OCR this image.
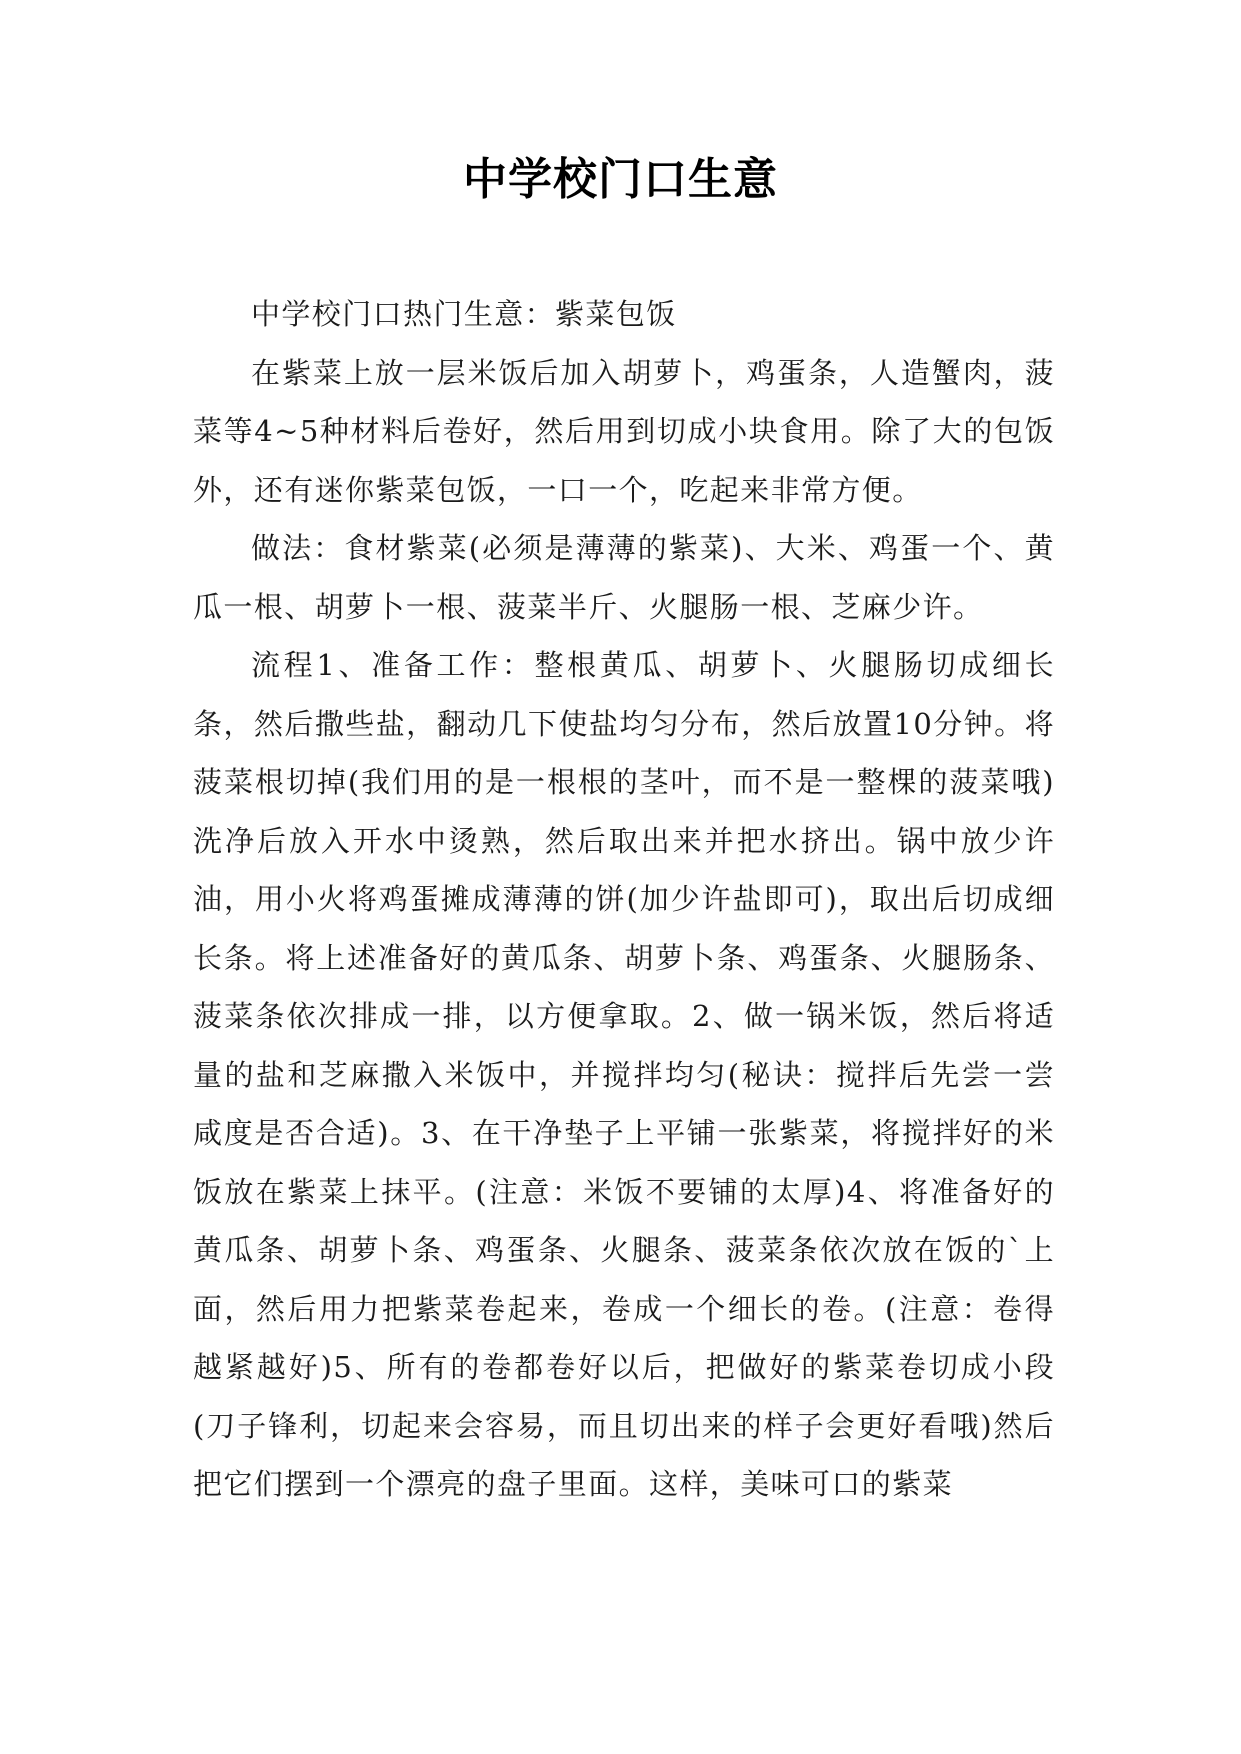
中学校门口生意

中学校门口热门生意：紫菜包饭

在紫菜上放一层米饭后加入胡萝卜，鸡蛋条，人造蟹肉，菠菜等4~5种材料后卷好，然后用到切成小块食用。除了大的包饭外，还有迷你紫菜包饭，一口一个，吃起来非常方便。

做法：食材紫菜(必须是薄薄的紫菜)、大米、鸡蛋一个、黄瓜一根、胡萝卜一根、菠菜半斤、火腿肠一根、芝麻少许。

流程1、准备工作：整根黄瓜、胡萝卜、火腿肠切成细长条，然后撒些盐，翻动几下使盐均匀分布，然后放置10分钟。将菠菜根切掉(我们用的是一根根的茎叶，而不是一整棵的菠菜哦)洗净后放入开水中烫熟，然后取出来并把水挤出。锅中放少许油，用小火将鸡蛋摊成薄薄的饼(加少许盐即可)，取出后切成细长条。将上述准备好的黄瓜条、胡萝卜条、鸡蛋条、火腿肠条、菠菜条依次排成一排，以方便拿取。2、做一锅米饭，然后将适量的盐和芝麻撒入米饭中，并搅拌均匀(秘诀：搅拌后先尝一尝咸度是否合适)。3、在干净垫子上平铺一张紫菜，将搅拌好的米饭放在紫菜上抹平。(注意：米饭不要铺的太厚)4、将准备好的黄瓜条、胡萝卜条、鸡蛋条、火腿条、菠菜条依次放在饭的`上面，然后用力把紫菜卷起来，卷成一个细长的卷。(注意：卷得越紧越好)5、所有的卷都卷好以后，把做好的紫菜卷切成小段(刀子锋利，切起来会容易，而且切出来的样子会更好看哦)然后把它们摆到一个漂亮的盘子里面。这样，美味可口的紫菜
